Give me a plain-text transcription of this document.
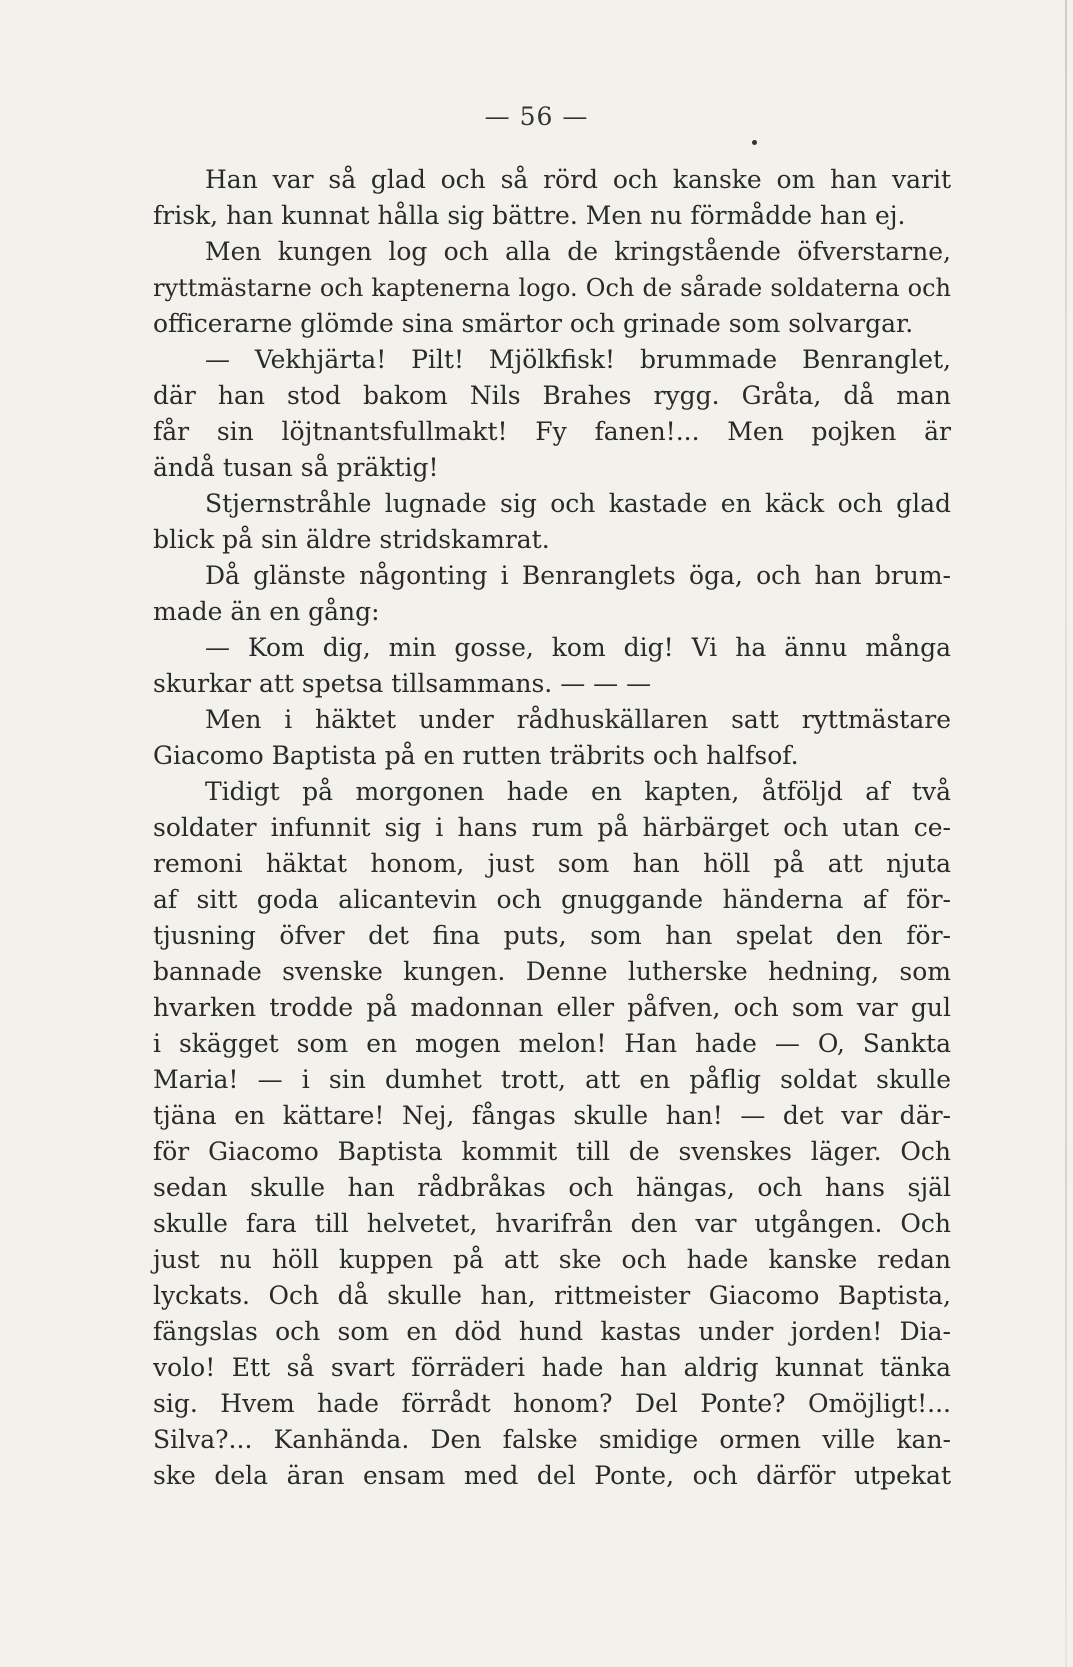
— 56 —
Han var så glad och så rörd och kanske om han varit
frisk, han kunnat hålla sig bättre. Men nu förmådde han ej.
Men kungen log och alla de kringstående öfverstarne,
ryttmästarne och kaptenerna logo. Och de sårade soldaterna och
officerarne glömde sina smärtor och grinade som solvargar.
— Vekhjärta! Pilt! Mjölkfisk! brummade Benranglet,
där han stod bakom Nils Brahes rygg. Gråta, då man
får sin löjtnantsfullmakt! Fy fanen!... Men pojken är
ändå tusan så präktig!
Stjernstråhle lugnade sig och kastade en käck och glad
blick på sin äldre stridskamrat.
Då glänste någonting i Benranglets öga, och han brum-
made än en gång:
— Kom dig, min gosse, kom dig! Vi ha ännu många
skurkar att spetsa tillsammans. — — —
Men i häktet under rådhuskällaren satt ryttmästare
Giacomo Baptista på en rutten träbrits och halfsof.
Tidigt på morgonen hade en kapten, åtföljd af två
soldater infunnit sig i hans rum på härbärget och utan ce-
remoni häktat honom, just som han höll på att njuta
af sitt goda alicantevin och gnuggande händerna af för-
tjusning öfver det fina puts, som han spelat den för-
bannade svenske kungen. Denne lutherske hedning, som
hvarken trodde på madonnan eller påfven, och som var gul
i skägget som en mogen melon! Han hade — O, Sankta
Maria! — i sin dumhet trott, att en påflig soldat skulle
tjäna en kättare! Nej, fångas skulle han! — det var där-
för Giacomo Baptista kommit till de svenskes läger. Och
sedan skulle han rådbråkas och hängas, och hans själ
skulle fara till helvetet, hvarifrån den var utgången. Och
just nu höll kuppen på att ske och hade kanske redan
lyckats. Och då skulle han, rittmeister Giacomo Baptista,
fängslas och som en död hund kastas under jorden! Dia-
volo! Ett så svart förräderi hade han aldrig kunnat tänka
sig. Hvem hade förrådt honom? Del Ponte? Omöjligt!...
Silva?... Kanhända. Den falske smidige ormen ville kan-
ske dela äran ensam med del Ponte, och därför utpekat
